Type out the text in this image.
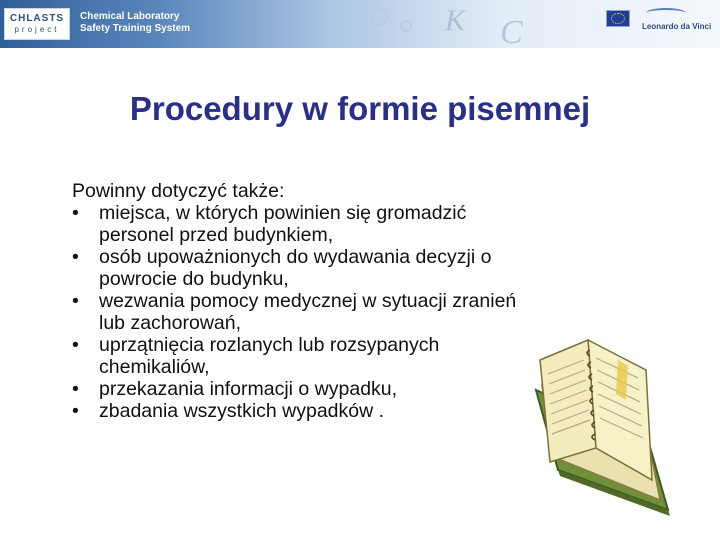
K C
CHLASTS
project
Chemical Laboratory
Safety Training System	Leonardo da Vinci
Procedury w formie pisemnej
Powinny dotyczyć także:
• miejsca, w których powinien się gromadzić
personel przed budynkiem,
• osób upoważnionych do wydawania decyzji o
powrocie do budynku,
• wezwania pomocy medycznej w sytuacji zranień
lub zachorowań,
• uprzątnięcia rozlanych lub rozsypanych
chemikaliów,
• przekazania informacji o wypadku,
• zbadania wszystkich wypadków .
